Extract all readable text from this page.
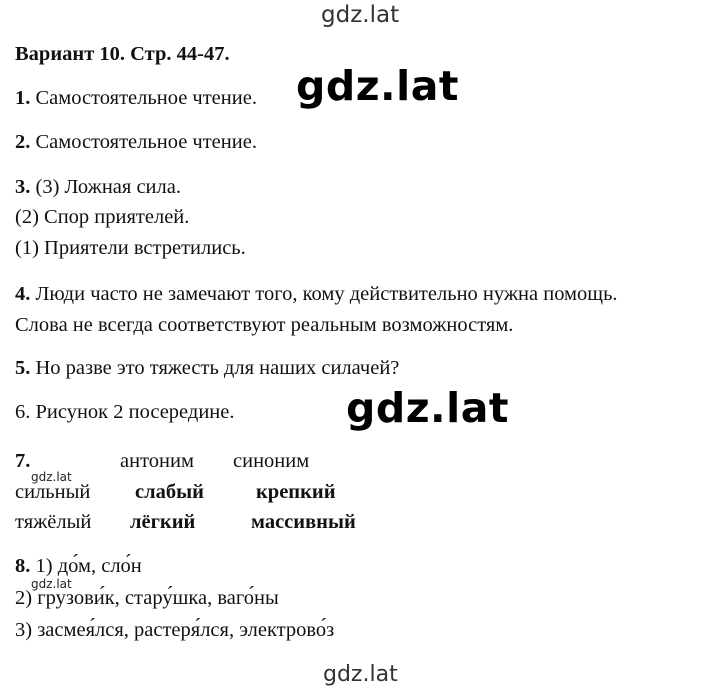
gdz.lat
Вариант 10. Стр. 44-47.
1. Самостоятельное чтение. gdz.lat
2. Самостоятельное чтение.
3. (3) Ложная сила.
(2) Спор приятелей.
(1) Приятели встретились.
4. Люди часто не замечают того, кому действительно нужна помощь.
Слова не всегда соответствуют реальным возможностям.
5. Но разве это тяжесть для наших силачей?
6. Рисунок 2 посередине.	gdz.lat
7.	антоним синоним
gdz.lat
сильный слабый	крепкий
тяжёлый лёгкий	массивный
8. 1) до́м, сло́н
gdz.lat
2) грузови́к, стару́шка, ваго́ны
3) засмея́лся, растеря́лся, электрово́з
gdz.lat
